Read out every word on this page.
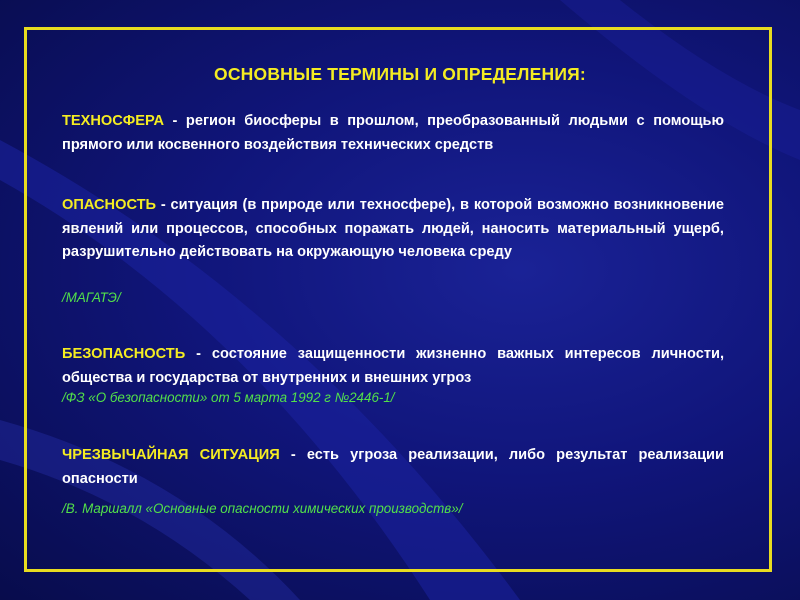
ОСНОВНЫЕ ТЕРМИНЫ И ОПРЕДЕЛЕНИЯ:
ТЕХНОСФЕРА - регион биосферы в прошлом, преобразованный людьми с помощью прямого или косвенного воздействия технических средств
ОПАСНОСТЬ - ситуация (в природе или техносфере), в которой возможно возникновение явлений или процессов, способных поражать людей, наносить материальный ущерб, разрушительно действовать на окружающую человека среду
/МАГАТЭ/
БЕЗОПАСНОСТЬ - состояние защищенности жизненно важных интересов личности, общества и государства от внутренних и внешних угроз
/ФЗ «О безопасности» от 5 марта 1992 г №2446-1/
ЧРЕЗВЫЧАЙНАЯ СИТУАЦИЯ - есть угроза реализации, либо результат реализации опасности
/В. Маршалл «Основные опасности химических производств»/
